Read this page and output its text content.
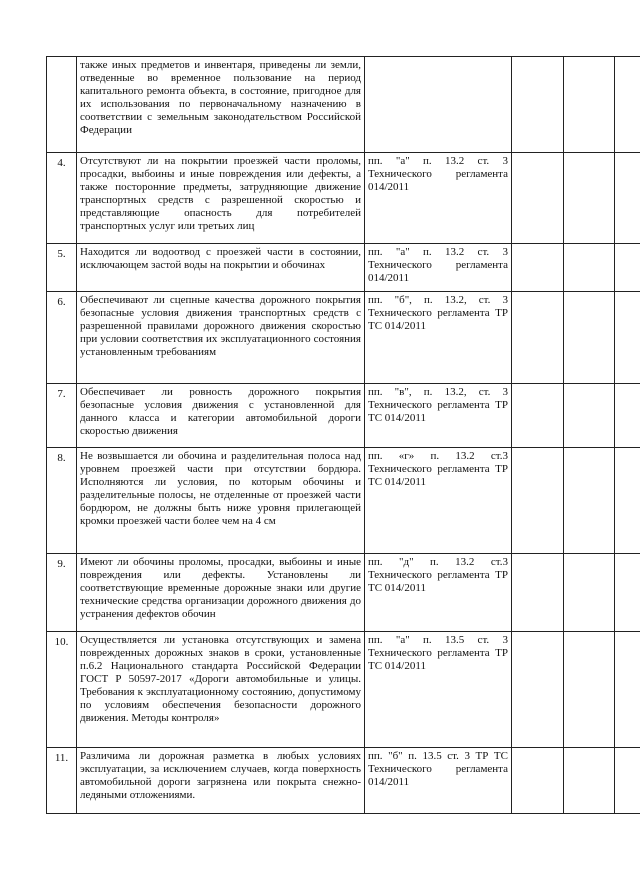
	также иных предметов и инвентаря, приведены ли земли, отведенные во временное пользование на период капитального ремонта объекта, в состояние, пригодное для их использования по первоначальному назначению в соответствии с земельным законодательством Российской Федерации				
4.	Отсутствуют ли на покрытии проезжей части проломы, просадки, выбоины и иные повреждения или дефекты, а также посторонние предметы, затрудняющие движение транспортных средств с разрешенной скоростью и представляющие опасность для потребителей транспортных услуг или третьих лиц	пп. "а" п. 13.2 ст. 3 Технического регламента 014/2011			
5.	Находится ли водоотвод с проезжей части в состоянии, исключающем застой воды на покрытии и обочинах	пп. "а" п. 13.2 ст. 3 Технического регламента 014/2011			
6.	Обеспечивают ли сцепные качества дорожного покрытия безопасные условия движения транспортных средств с разрешенной правилами дорожного движения скоростью при условии соответствия их эксплуатационного состояния установленным требованиям	пп. "б", п. 13.2, ст. 3 Технического регламента ТР ТС 014/2011			
7.	Обеспечивает ли ровность дорожного покрытия безопасные условия движения с установленной для данного класса и категории автомобильной дороги скоростью движения	пп. "в", п. 13.2, ст. 3 Технического регламента ТР ТС 014/2011			
8.	Не возвышается ли обочина и разделительная полоса над уровнем проезжей части при отсутствии бордюра. Исполняются ли условия, по которым обочины и разделительные полосы, не отделенные от проезжей части бордюром, не должны быть ниже уровня прилегающей кромки проезжей части более чем на 4 см	пп. «г» п. 13.2 ст.3 Технического регламента ТР ТС 014/2011			
9.	Имеют ли обочины проломы, просадки, выбоины и иные повреждения или дефекты. Установлены ли соответствующие временные дорожные знаки или другие технические средства организации дорожного движения до устранения дефектов обочин	пп. "д" п. 13.2 ст.3 Технического регламента ТР ТС 014/2011			
10.	Осуществляется ли установка отсутствующих и замена поврежденных дорожных знаков в сроки, установленные п.6.2 Национального стандарта Российской Федерации ГОСТ Р 50597-2017 «Дороги автомобильные и улицы. Требования к эксплуатационному состоянию, допустимому по условиям обеспечения безопасности дорожного движения. Методы контроля»	пп. "а" п. 13.5 ст. 3 Технического регламента ТР ТС 014/2011			
11.	Различима ли дорожная разметка в любых условиях эксплуатации, за исключением случаев, когда поверхность автомобильной дороги загрязнена или покрыта снежно-ледяными отложениями.	пп. "б" п. 13.5 ст. 3 ТР ТС Технического регламента 014/2011			
